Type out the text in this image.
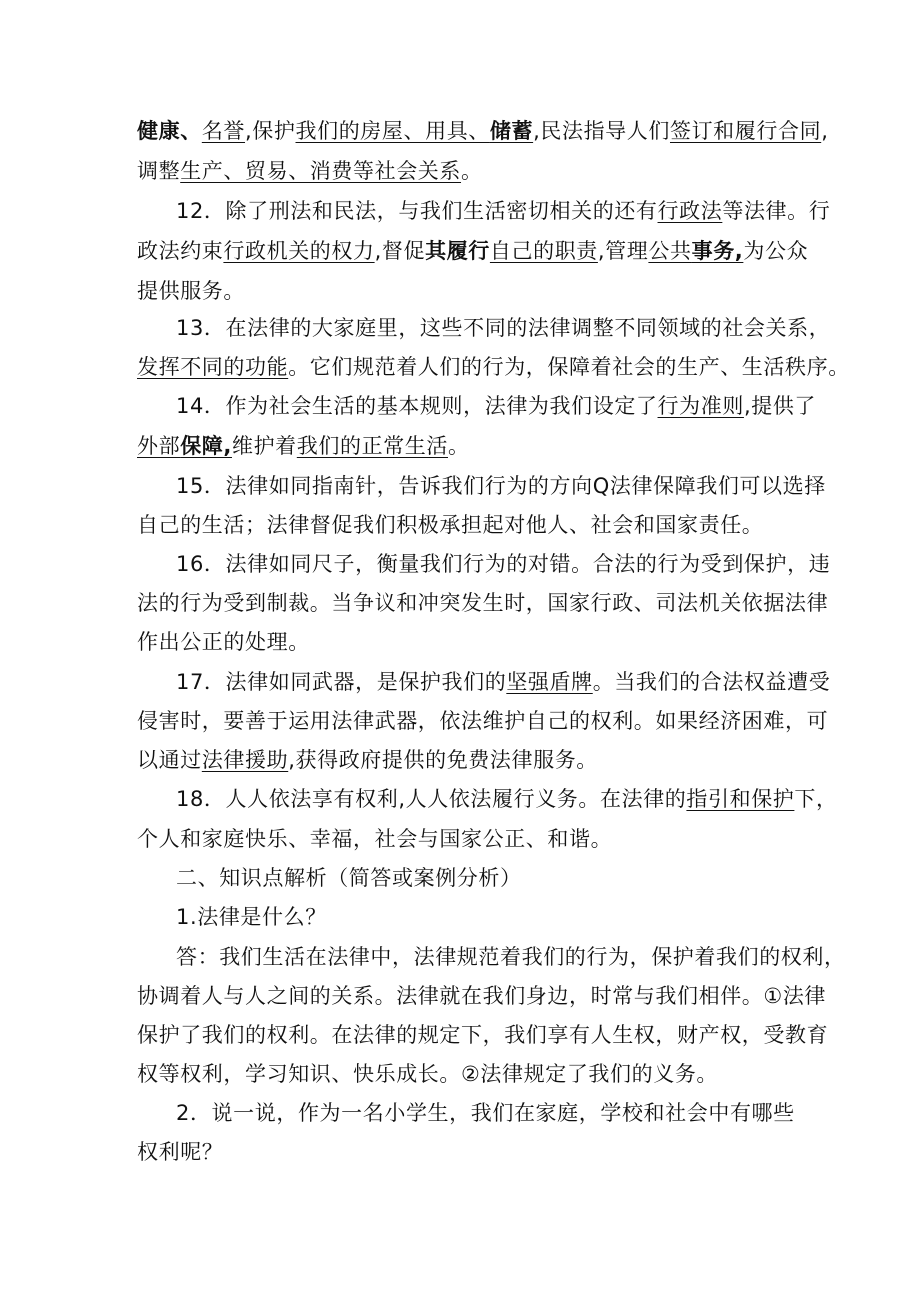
健康、名誉,保护我们的房屋、用具、储蓄,民法指导人们签订和履行合同,
调整生产、贸易、消费等社会关系。
12．除了刑法和民法，与我们生活密切相关的还有行政法等法律。行
政法约束行政机关的权力,督促其履行自己的职责,管理公共事务,为公众
提供服务。
13．在法律的大家庭里，这些不同的法律调整不同领域的社会关系，
发挥不同的功能。它们规范着人们的行为，保障着社会的生产、生活秩序。
14．作为社会生活的基本规则，法律为我们设定了行为准则,提供了
外部保障,维护着我们的正常生活。
15．法律如同指南针，告诉我们行为的方向Q法律保障我们可以选择
自己的生活；法律督促我们积极承担起对他人、社会和国家责任。
16．法律如同尺子，衡量我们行为的对错。合法的行为受到保护，违
法的行为受到制裁。当争议和冲突发生时，国家行政、司法机关依据法律
作出公正的处理。
17．法律如同武器，是保护我们的坚强盾牌。当我们的合法权益遭受
侵害时，要善于运用法律武器，依法维护自己的权利。如果经济困难，可
以通过法律援助,获得政府提供的免费法律服务。
18．人人依法享有权利,人人依法履行义务。在法律的指引和保护下，
个人和家庭快乐、幸福，社会与国家公正、和谐。
二、知识点解析（简答或案例分析）
1.法律是什么？
答：我们生活在法律中，法律规范着我们的行为，保护着我们的权利，
协调着人与人之间的关系。法律就在我们身边，时常与我们相伴。①法律
保护了我们的权利。在法律的规定下，我们享有人生权，财产权，受教育
权等权利，学习知识、快乐成长。②法律规定了我们的义务。
2．说一说，作为一名小学生，我们在家庭，学校和社会中有哪些
权利呢？
